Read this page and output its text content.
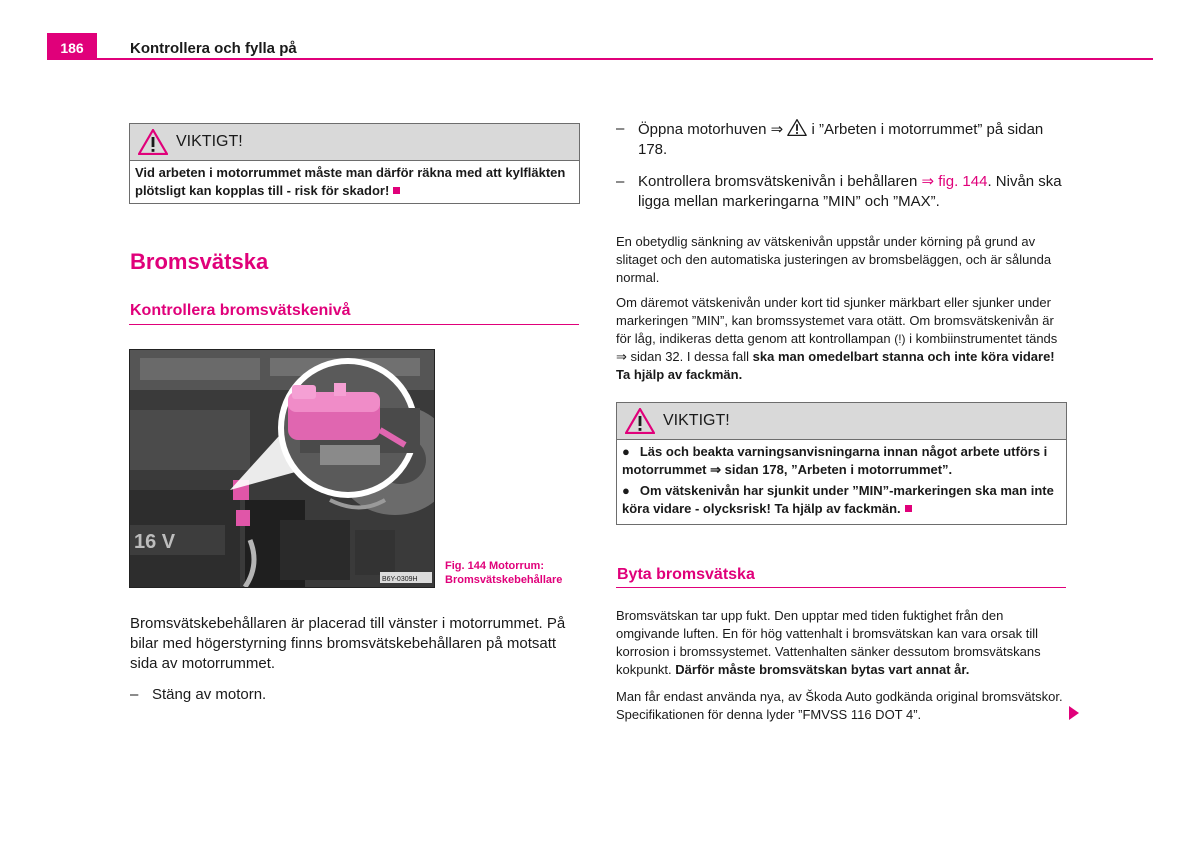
186	Kontrollera och fylla på
VIKTIGT!
Vid arbeten i motorrummet måste man därför räkna med att kylfläkten plötsligt kan kopplas till - risk för skador!
Bromsvätska
Kontrollera bromsvätskenivå
16 V
B6Y-0309H
Fig. 144 Motorrum:
Bromsvätskebehållare
Bromsvätskebehållaren är placerad till vänster i motorrummet. På bilar med högerstyrning finns bromsvätskebehållaren på motsatt sida av motorrummet.
– Stäng av motorn.
– Öppna motorhuven ⇒ i ”Arbeten i motorrummet” på sidan 178.
– Kontrollera bromsvätskenivån i behållaren ⇒ fig. 144. Nivån ska ligga mellan markeringarna ”MIN” och ”MAX”.

En obetydlig sänkning av vätskenivån uppstår under körning på grund av slitaget och den automatiska justeringen av bromsbeläggen, och är sålunda normal.

Om däremot vätskenivån under kort tid sjunker märkbart eller sjunker under markeringen ”MIN”, kan bromssystemet vara otätt. Om bromsvätskenivån är för låg, indikeras detta genom att kontrollampan (!) i kombiinstrumentet tänds ⇒ sidan 32. I dessa fall ska man omedelbart stanna och inte köra vidare! Ta hjälp av fackmän.

VIKTIGT!

● Läs och beakta varningsanvisningarna innan något arbete utförs i motorrummet ⇒ sidan 178, ”Arbeten i motorrummet”.

● Om vätskenivån har sjunkit under ”MIN”-markeringen ska man inte köra vidare - olycksrisk! Ta hjälp av fackmän.

Byta bromsvätska

Bromsvätskan tar upp fukt. Den upptar med tiden fuktighet från den omgivande luften. En för hög vattenhalt i bromsvätskan kan vara orsak till korrosion i bromssystemet. Vattenhalten sänker dessutom bromsvätskans kokpunkt. Därför måste bromsvätskan bytas vart annat år.

Man får endast använda nya, av Škoda Auto godkända original bromsvätskor. Specifikationen för denna lyder ”FMVSS 116 DOT 4”.
